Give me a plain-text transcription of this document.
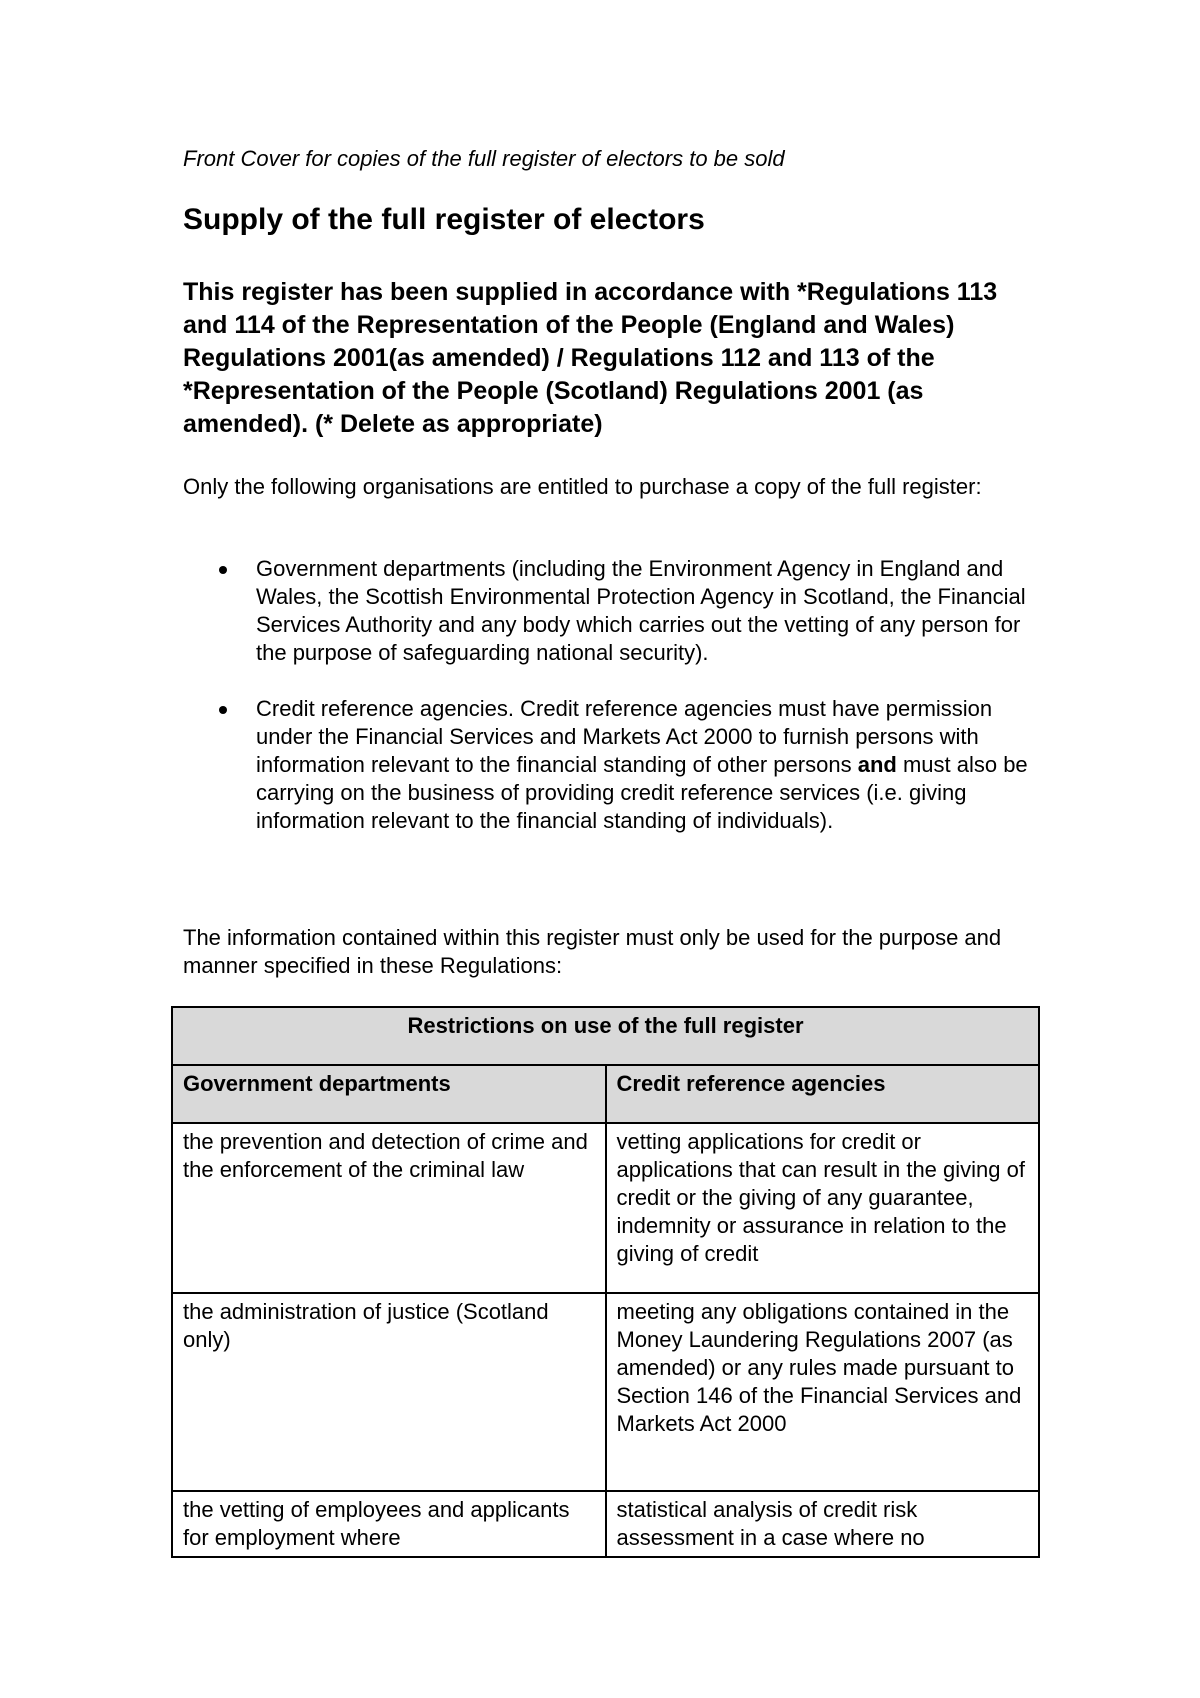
Front Cover for copies of the full register of electors to be sold

Supply of the full register of electors

This register has been supplied in accordance with *Regulations 113 and 114 of the Representation of the People (England and Wales) Regulations 2001(as amended) / Regulations 112 and 113 of the *Representation of the People (Scotland) Regulations 2001 (as amended). (* Delete as appropriate)

Only the following organisations are entitled to purchase a copy of the full register:

Government departments (including the Environment Agency in England and Wales, the Scottish Environmental Protection Agency in Scotland, the Financial Services Authority and any body which carries out the vetting of any person for the purpose of safeguarding national security).
Credit reference agencies. Credit reference agencies must have permission under the Financial Services and Markets Act 2000 to furnish persons with information relevant to the financial standing of other persons and must also be carrying on the business of providing credit reference services (i.e. giving information relevant to the financial standing of individuals).

The information contained within this register must only be used for the purpose and manner specified in these Regulations:

Restrictions on use of the full register	
Government departments	Credit reference agencies
the prevention and detection of crime and the enforcement of the criminal law	vetting applications for credit or applications that can result in the giving of credit or the giving of any guarantee, indemnity or assurance in relation to the giving of credit
the administration of justice (Scotland only)	meeting any obligations contained in the Money Laundering Regulations 2007 (as amended) or any rules made pursuant to Section 146 of the Financial Services and Markets Act 2000

the vetting of employees and applicants for employment where	statistical analysis of credit risk assessment in a case where no
